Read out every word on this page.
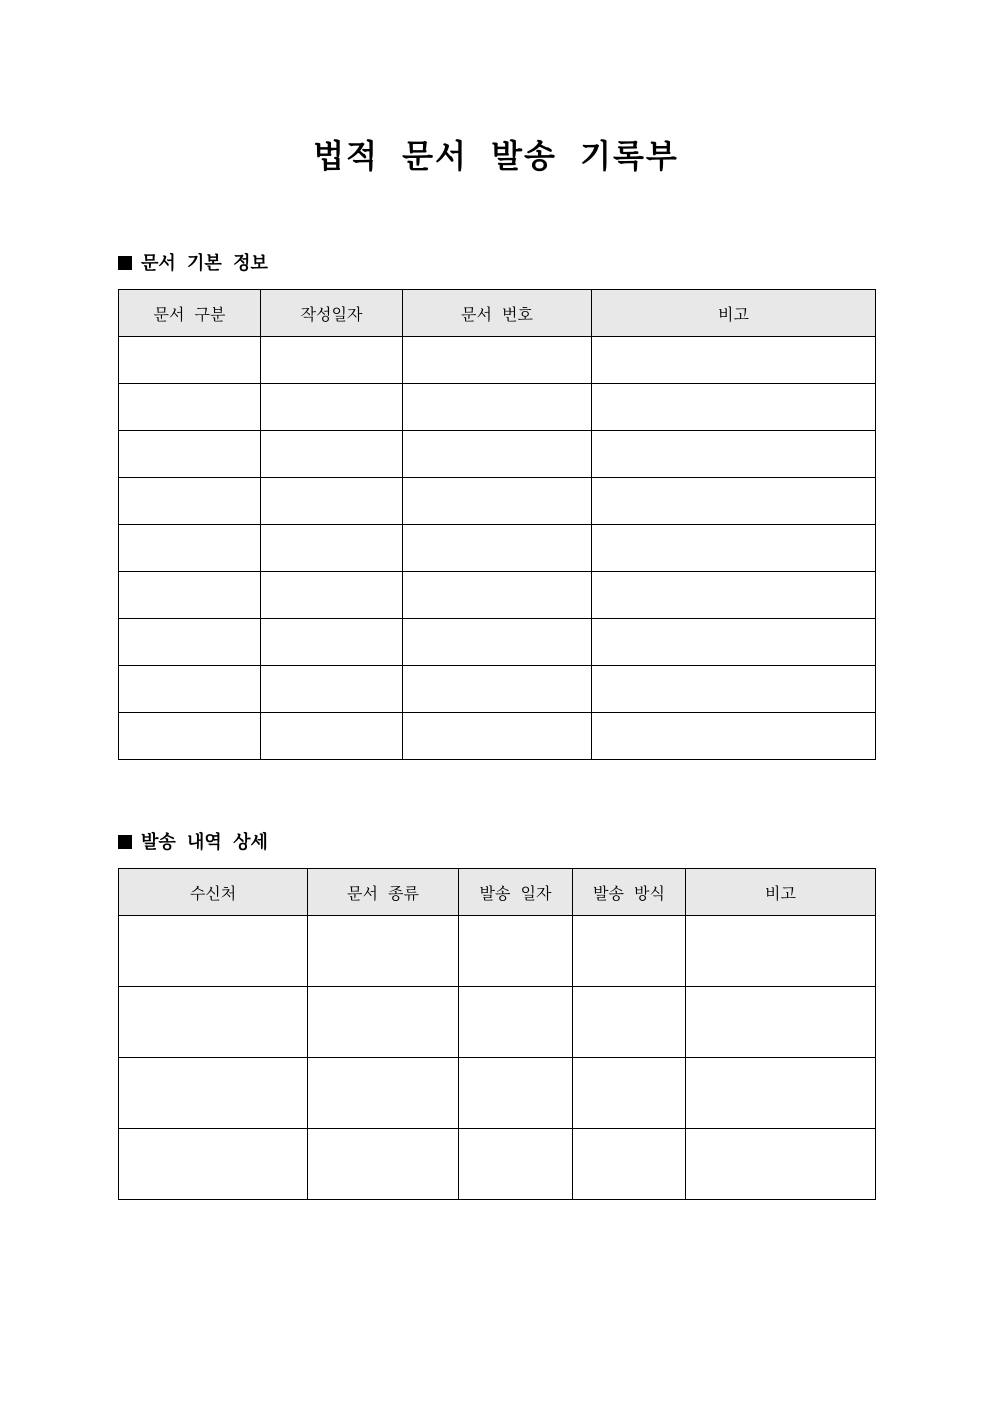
법적 문서 발송 기록부
문서 기본 정보
문서 구분	작성일자	문서 번호	비고

발송 내역 상세
수신처	문서 종류	발송 일자	발송 방식	비고
